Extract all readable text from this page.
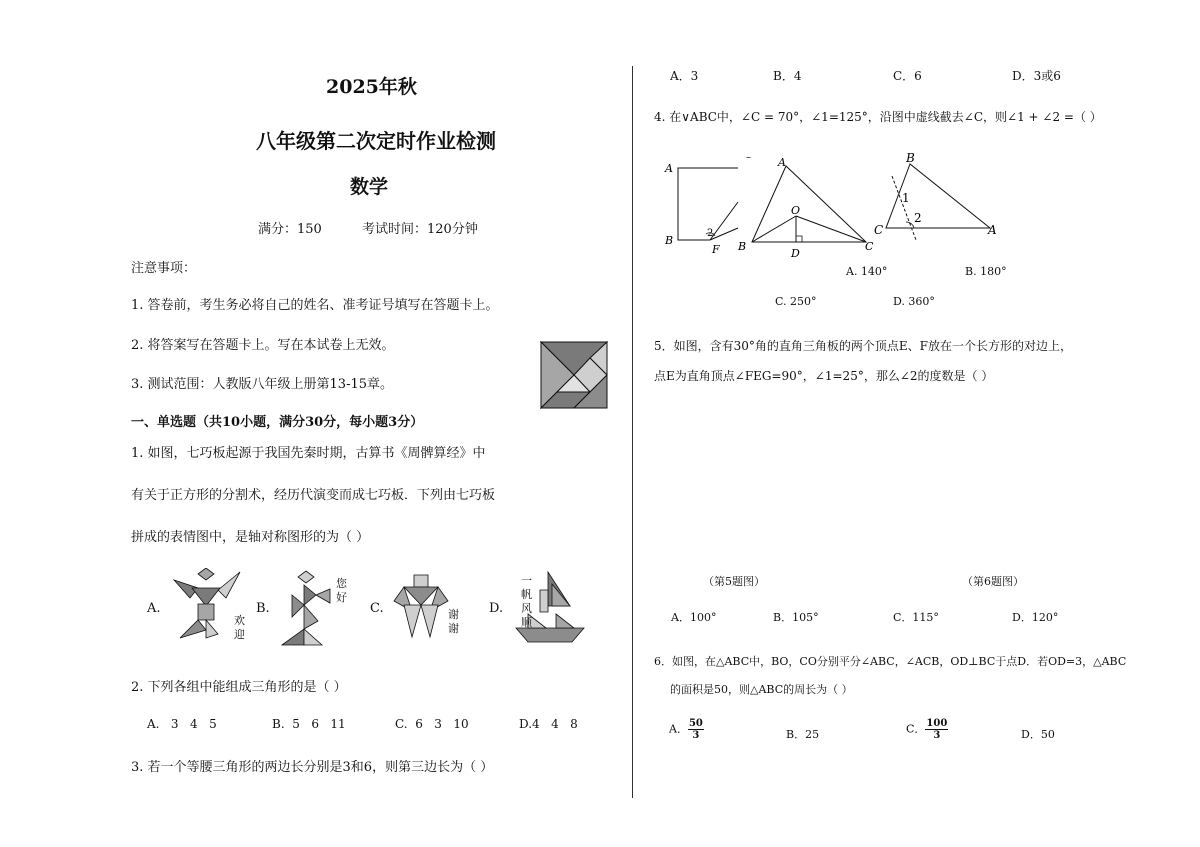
2025年秋
八年级第二次定时作业检测
数学
满分：150	考试时间：120分钟
注意事项：
1. 答卷前，考生务必将自己的姓名、准考证号填写在答题卡上。
2. 将答案写在答题卡上。写在本试卷上无效。
3. 测试范围：人教版八年级上册第13-15章。
一、单选题（共10小题，满分30分，每小题3分）
1. 如图，七巧板起源于我国先秦时期，古算书《周髀算经》中
有关于正方形的分割术，经历代演变而成七巧板．下列由七巧板
拼成的表情图中，是轴对称图形的为（ ）
A.
欢
迎
B.
您
好
C.	谢
谢
D.
一
帆
风
顺
2. 下列各组中能组成三角形的是（ ）
A.   3   4   5	B.  5   6   11	C.  6   3   10	D.4   4   8
3. 若一个等腰三角形的两边长分别是3和6，则第三边长为（ ）
A．3	B．4	C．6	D．3或6
4. 在∨ABC中，∠C = 70°，∠1=125°，沿图中虚线截去∠C，则∠1 + ∠2 =（ ）
A
B
F
2
– A
O
B
D
C
B
1
2
C	A
A. 140°	B. 180°
C. 250°	D. 360°
5．如图，含有30°角的直角三角板的两个顶点E、F放在一个长方形的对边上，
点E为直角顶点∠FEG=90°，∠1=25°，那么∠2的度数是（ ）
（第5题图）	（第6题图）
A．100°	B．105°	C．115°	D．120°
6．如图，在△ABC中，BO，CO分别平分∠ABC，∠ACB，OD⊥BC于点D．若OD=3，△ABC
的面积是50，则△ABC的周长为（ ）
A． $\frac{50}{3}$	B．25	C． $\frac{100}{3}$	D．50
